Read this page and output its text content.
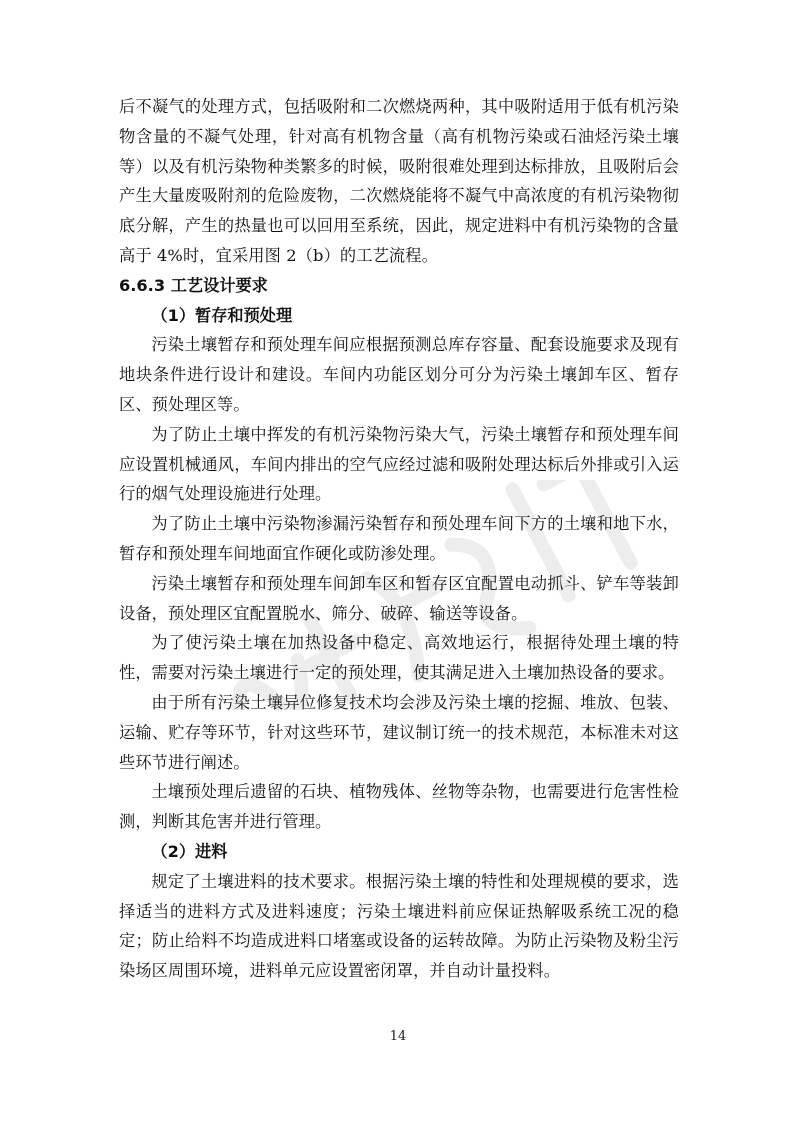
后不凝气的处理方式，包括吸附和二次燃烧两种，其中吸附适用于低有机污染物含量的不凝气处理，针对高有机物含量（高有机物污染或石油烃污染土壤等）以及有机污染物种类繁多的时候，吸附很难处理到达标排放，且吸附后会产生大量废吸附剂的危险废物，二次燃烧能将不凝气中高浓度的有机污染物彻底分解，产生的热量也可以回用至系统，因此，规定进料中有机污染物的含量高于 4%时，宜采用图 2（b）的工艺流程。

6.6.3 工艺设计要求
（1）暂存和预处理

污染土壤暂存和预处理车间应根据预测总库存容量、配套设施要求及现有地块条件进行设计和建设。车间内功能区划分可分为污染土壤卸车区、暂存区、预处理区等。

为了防止土壤中挥发的有机污染物污染大气，污染土壤暂存和预处理车间应设置机械通风，车间内排出的空气应经过滤和吸附处理达标后外排或引入运行的烟气处理设施进行处理。

为了防止土壤中污染物渗漏污染暂存和预处理车间下方的土壤和地下水，暂存和预处理车间地面宜作硬化或防渗处理。

污染土壤暂存和预处理车间卸车区和暂存区宜配置电动抓斗、铲车等装卸设备，预处理区宜配置脱水、筛分、破碎、输送等设备。

为了使污染土壤在加热设备中稳定、高效地运行，根据待处理土壤的特性，需要对污染土壤进行一定的预处理，使其满足进入土壤加热设备的要求。

由于所有污染土壤异位修复技术均会涉及污染土壤的挖掘、堆放、包装、运输、贮存等环节，针对这些环节，建议制订统一的技术规范，本标准未对这些环节进行阐述。

土壤预处理后遗留的石块、植物残体、丝物等杂物，也需要进行危害性检测，判断其危害并进行管理。

（2）进料

规定了土壤进料的技术要求。根据污染土壤的特性和处理规模的要求，选择适当的进料方式及进料速度；污染土壤进料前应保证热解吸系统工况的稳定；防止给料不均造成进料口堵塞或设备的运转故障。为防止污染物及粉尘污染场区周围环境，进料单元应设置密闭罩，并自动计量投料。

14
